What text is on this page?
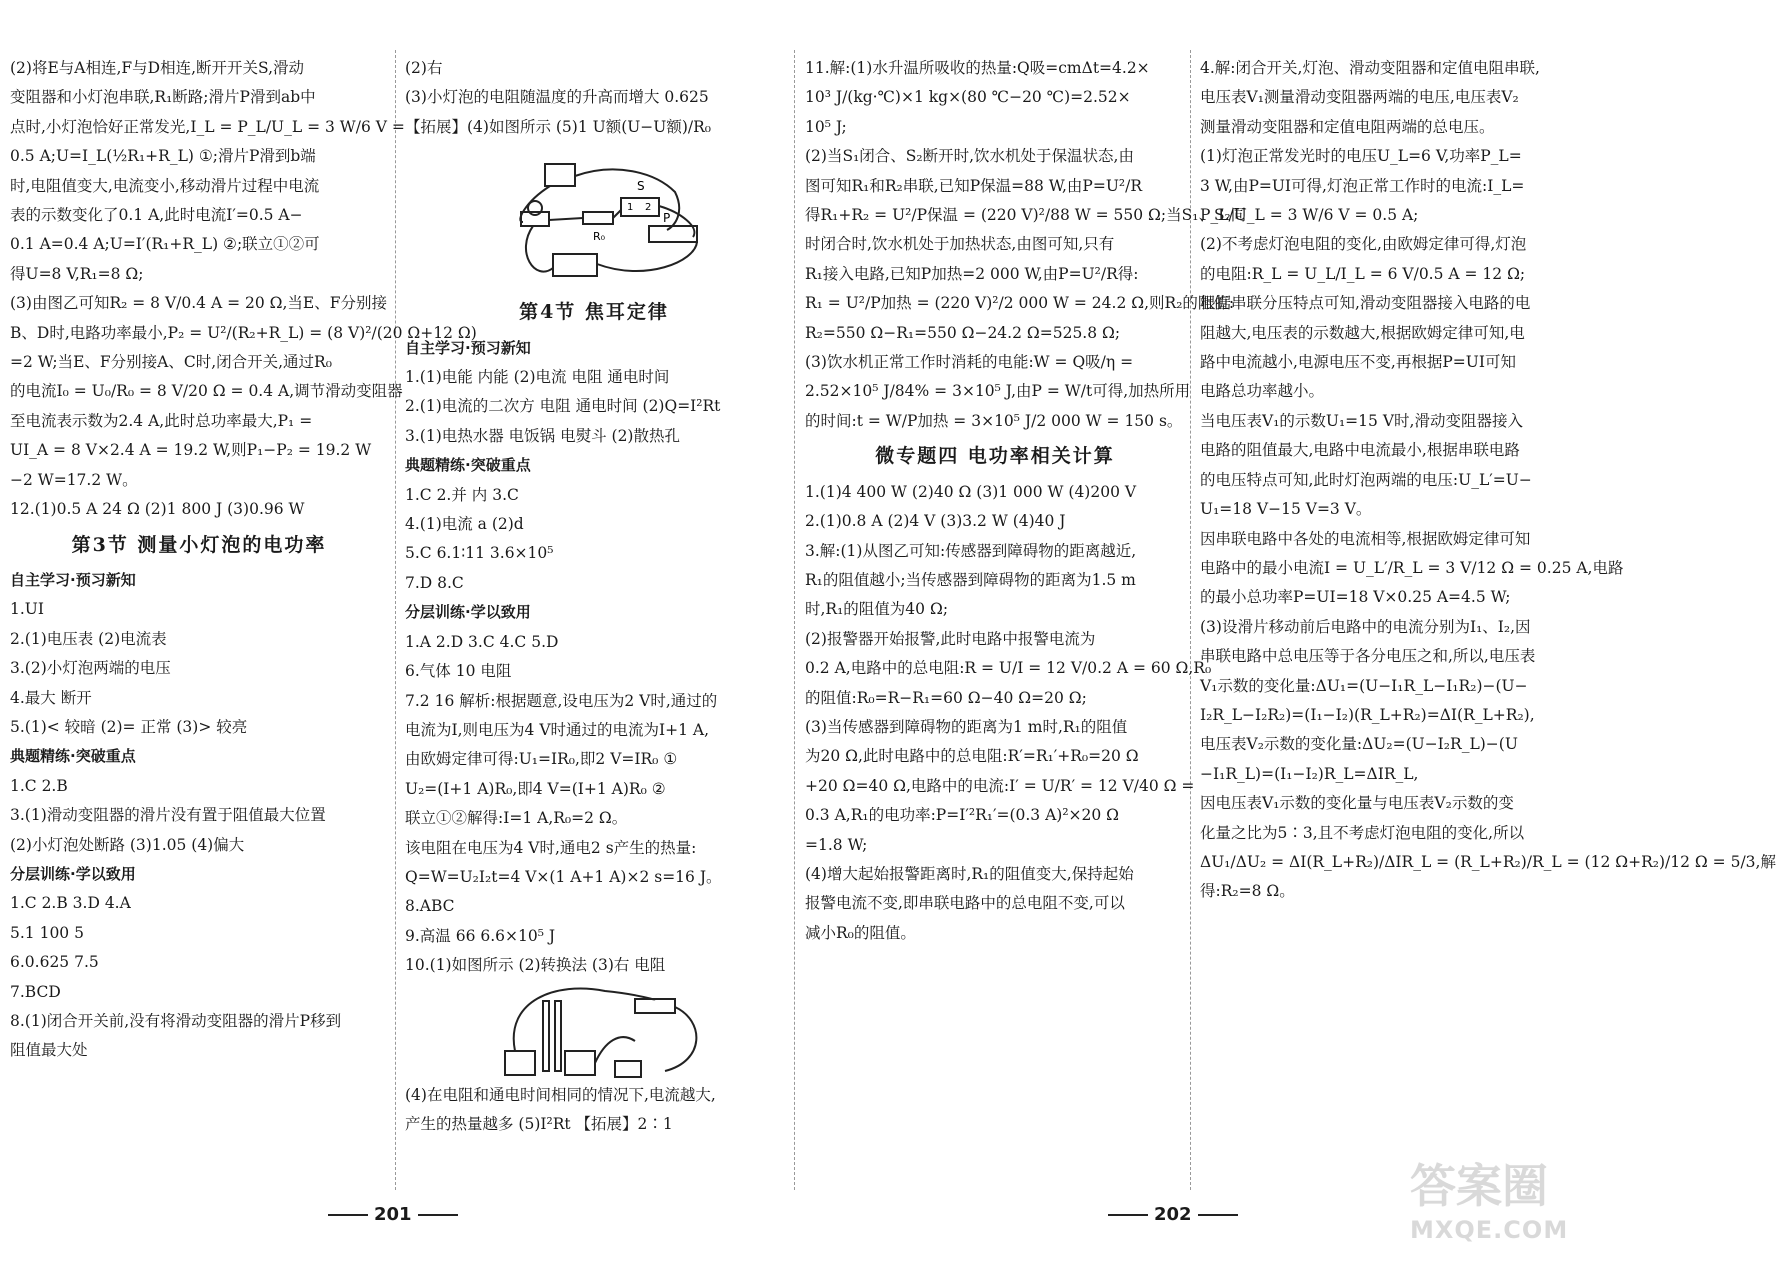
(2)将E与A相连,F与D相连,断开开关S,滑动
变阻器和小灯泡串联,R₁断路;滑片P滑到ab中
点时,小灯泡恰好正常发光,I_L = P_L/U_L = 3 W/6 V =
0.5 A;U=I_L(½R₁+R_L) ①;滑片P滑到b端
时,电阻值变大,电流变小,移动滑片过程中电流
表的示数变化了0.1 A,此时电流I′=0.5 A−
0.1 A=0.4 A;U=I′(R₁+R_L) ②;联立①②可
得U=8 V,R₁=8 Ω;
(3)由图乙可知R₂ = 8 V/0.4 A = 20 Ω,当E、F分别接
B、D时,电路功率最小,P₂ = U²/(R₂+R_L) = (8 V)²/(20 Ω+12 Ω)
=2 W;当E、F分别接A、C时,闭合开关,通过R₀
的电流I₀ = U₀/R₀ = 8 V/20 Ω = 0.4 A,调节滑动变阻器
至电流表示数为2.4 A,此时总功率最大,P₁ =
UI_A = 8 V×2.4 A = 19.2 W,则P₁−P₂ = 19.2 W
−2 W=17.2 W。
12.(1)0.5 A 24 Ω (2)1 800 J (3)0.96 W
第3节 测量小灯泡的电功率
自主学习·预习新知
1.UI
2.(1)电压表 (2)电流表
3.(2)小灯泡两端的电压
4.最大 断开
5.(1)< 较暗 (2)= 正常 (3)> 较亮
典题精练·突破重点
1.C 2.B
3.(1)滑动变阻器的滑片没有置于阻值最大位置
(2)小灯泡处断路 (3)1.05 (4)偏大
分层训练·学以致用
1.C 2.B 3.D 4.A
5.1 100 5
6.0.625 7.5
7.BCD
8.(1)闭合开关前,没有将滑动变阻器的滑片P移到
阻值最大处
(2)右
(3)小灯泡的电阻随温度的升高而增大 0.625
【拓展】(4)如图所示 (5)1 U额(U−U额)/R₀
S
P
R₀
1 2
第4节 焦耳定律
自主学习·预习新知
1.(1)电能 内能 (2)电流 电阻 通电时间
2.(1)电流的二次方 电阻 通电时间 (2)Q=I²Rt
3.(1)电热水器 电饭锅 电熨斗 (2)散热孔
典题精练·突破重点
1.C 2.并 内 3.C
4.(1)电流 a (2)d
5.C 6.1∶11 3.6×10⁵
7.D 8.C
分层训练·学以致用
1.A 2.D 3.C 4.C 5.D
6.气体 10 电阻
7.2 16 解析:根据题意,设电压为2 V时,通过的
电流为I,则电压为4 V时通过的电流为I+1 A,
由欧姆定律可得:U₁=IR₀,即2 V=IR₀ ①
U₂=(I+1 A)R₀,即4 V=(I+1 A)R₀ ②
联立①②解得:I=1 A,R₀=2 Ω。
该电阻在电压为4 V时,通电2 s产生的热量:
Q=W=U₂I₂t=4 V×(1 A+1 A)×2 s=16 J。
8.ABC
9.高温 66 6.6×10⁵ J
10.(1)如图所示 (2)转换法 (3)右 电阻
(4)在电阻和通电时间相同的情况下,电流越大,
产生的热量越多 (5)I²Rt 【拓展】2∶1
11.解:(1)水升温所吸收的热量:Q吸=cmΔt=4.2×
10³ J/(kg·℃)×1 kg×(80 ℃−20 ℃)=2.52×
10⁵ J;
(2)当S₁闭合、S₂断开时,饮水机处于保温状态,由
图可知R₁和R₂串联,已知P保温=88 W,由P=U²/R
得R₁+R₂ = U²/P保温 = (220 V)²/88 W = 550 Ω;当S₁、S₂同
时闭合时,饮水机处于加热状态,由图可知,只有
R₁接入电路,已知P加热=2 000 W,由P=U²/R得:
R₁ = U²/P加热 = (220 V)²/2 000 W = 24.2 Ω,则R₂的阻值:
R₂=550 Ω−R₁=550 Ω−24.2 Ω=525.8 Ω;
(3)饮水机正常工作时消耗的电能:W = Q吸/η =
2.52×10⁵ J/84% = 3×10⁵ J,由P = W/t可得,加热所用
的时间:t = W/P加热 = 3×10⁵ J/2 000 W = 150 s。
微专题四 电功率相关计算
1.(1)4 400 W (2)40 Ω (3)1 000 W (4)200 V
2.(1)0.8 A (2)4 V (3)3.2 W (4)40 J
3.解:(1)从图乙可知:传感器到障碍物的距离越近,
R₁的阻值越小;当传感器到障碍物的距离为1.5 m
时,R₁的阻值为40 Ω;
(2)报警器开始报警,此时电路中报警电流为
0.2 A,电路中的总电阻:R = U/I = 12 V/0.2 A = 60 Ω,R₀
的阻值:R₀=R−R₁=60 Ω−40 Ω=20 Ω;
(3)当传感器到障碍物的距离为1 m时,R₁的阻值
为20 Ω,此时电路中的总电阻:R′=R₁′+R₀=20 Ω
+20 Ω=40 Ω,电路中的电流:I′ = U/R′ = 12 V/40 Ω =
0.3 A,R₁的电功率:P=I′²R₁′=(0.3 A)²×20 Ω
=1.8 W;
(4)增大起始报警距离时,R₁的阻值变大,保持起始
报警电流不变,即串联电路中的总电阻不变,可以
减小R₀的阻值。
4.解:闭合开关,灯泡、滑动变阻器和定值电阻串联,
电压表V₁测量滑动变阻器两端的电压,电压表V₂
测量滑动变阻器和定值电阻两端的总电压。
(1)灯泡正常发光时的电压U_L=6 V,功率P_L=
3 W,由P=UI可得,灯泡正常工作时的电流:I_L=
P_L/U_L = 3 W/6 V = 0.5 A;
(2)不考虑灯泡电阻的变化,由欧姆定律可得,灯泡
的电阻:R_L = U_L/I_L = 6 V/0.5 A = 12 Ω;
根据串联分压特点可知,滑动变阻器接入电路的电
阻越大,电压表的示数越大,根据欧姆定律可知,电
路中电流越小,电源电压不变,再根据P=UI可知
电路总功率越小。
当电压表V₁的示数U₁=15 V时,滑动变阻器接入
电路的阻值最大,电路中电流最小,根据串联电路
的电压特点可知,此时灯泡两端的电压:U_L′=U−
U₁=18 V−15 V=3 V。
因串联电路中各处的电流相等,根据欧姆定律可知
电路中的最小电流I = U_L′/R_L = 3 V/12 Ω = 0.25 A,电路
的最小总功率P=UI=18 V×0.25 A=4.5 W;
(3)设滑片移动前后电路中的电流分别为I₁、I₂,因
串联电路中总电压等于各分电压之和,所以,电压表
V₁示数的变化量:ΔU₁=(U−I₁R_L−I₁R₂)−(U−
I₂R_L−I₂R₂)=(I₁−I₂)(R_L+R₂)=ΔI(R_L+R₂),
电压表V₂示数的变化量:ΔU₂=(U−I₂R_L)−(U
−I₁R_L)=(I₁−I₂)R_L=ΔIR_L,
因电压表V₁示数的变化量与电压表V₂示数的变
化量之比为5∶3,且不考虑灯泡电阻的变化,所以
ΔU₁/ΔU₂ = ΔI(R_L+R₂)/ΔIR_L = (R_L+R₂)/R_L = (12 Ω+R₂)/12 Ω = 5/3,解
得:R₂=8 Ω。
201	202
答案圈
MXQE.COM
